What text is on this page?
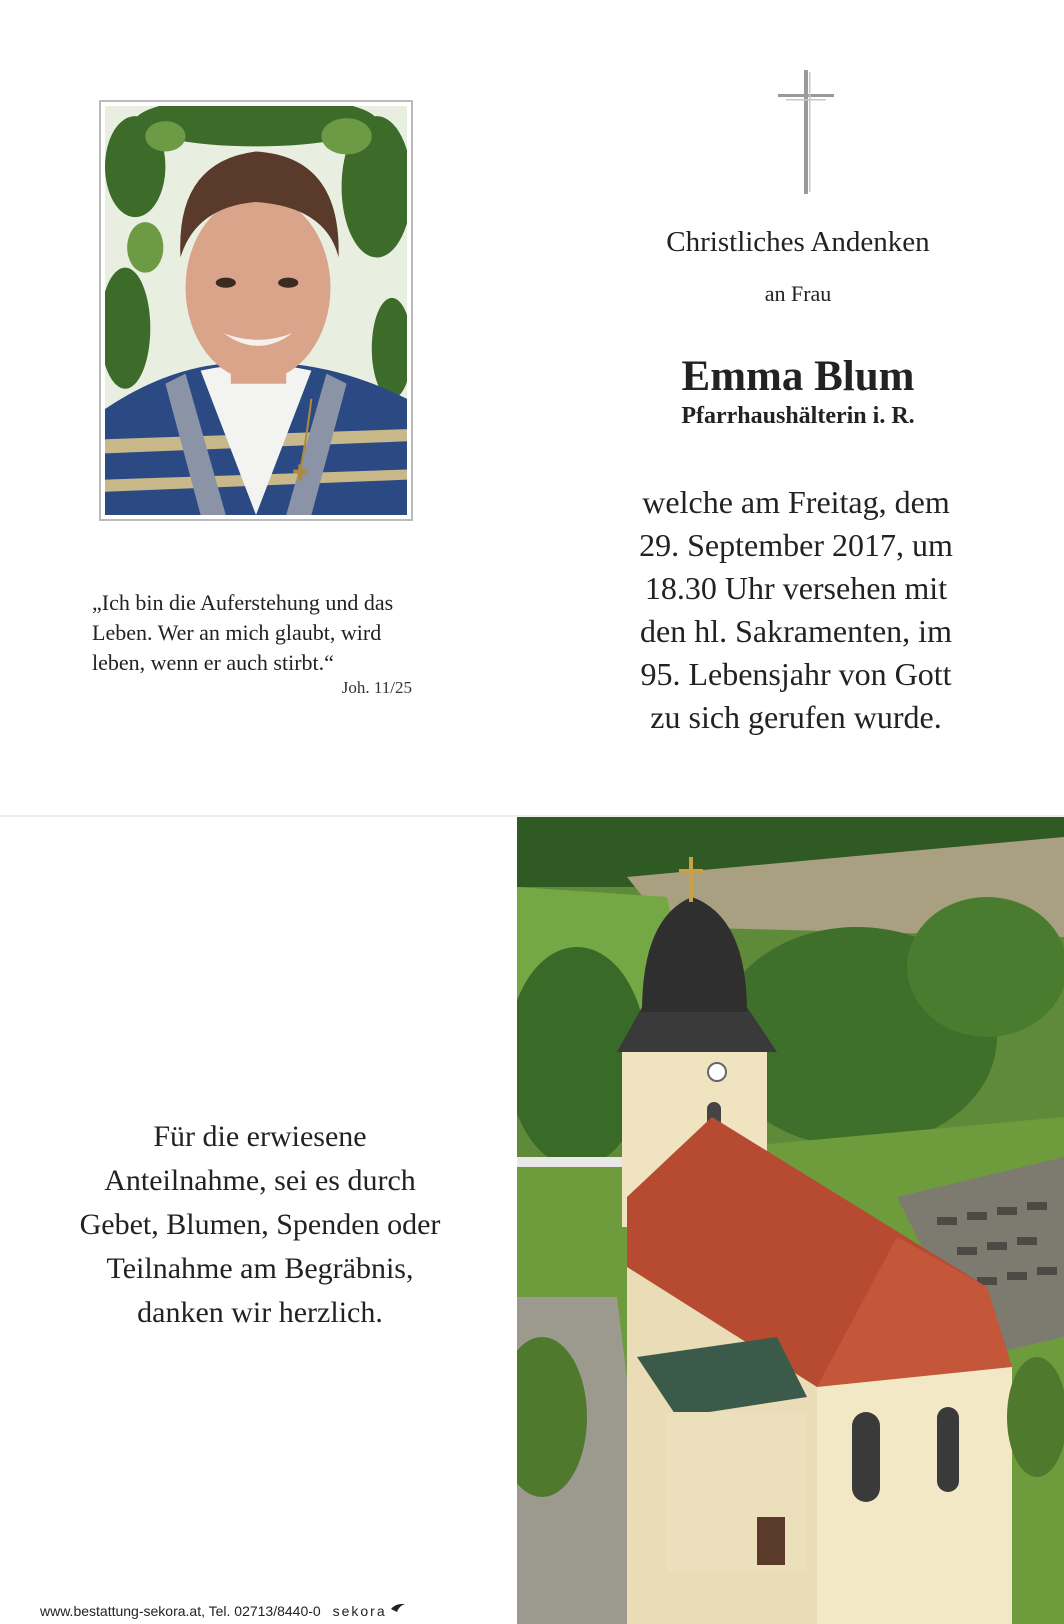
„Ich bin die Auferstehung und das
Leben. Wer an mich glaubt, wird
leben, wenn er auch stirbt.“
Joh. 11/25
Christliches Andenken
an Frau
Emma Blum
Pfarrhaushälterin i. R.
welche am Freitag, dem
29. September 2017, um
18.30 Uhr versehen mit
den hl. Sakramenten, im
95. Lebensjahr von Gott
zu sich gerufen wurde.
Für die erwiesene
Anteilnahme, sei es durch
Gebet, Blumen, Spenden oder
Teilnahme am Begräbnis,
danken wir herzlich.
www.bestattung-sekora.at, Tel. 02713/8440-0 sekora
